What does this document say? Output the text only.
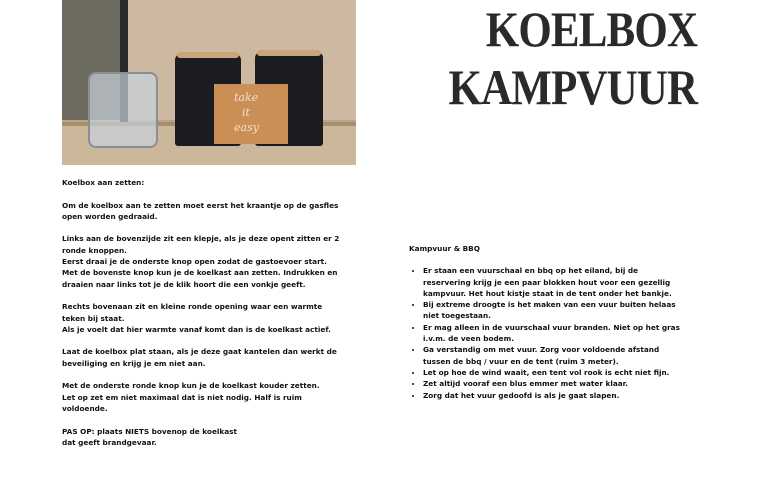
take
it
easy
KOELBOX
KAMPVUUR

Koelbox aan zetten:

Om de koelbox aan te zetten moet eerst het kraantje op de gasfles
open worden gedraaid.

Links aan de bovenzijde zit een klepje, als je deze opent zitten er 2
ronde knoppen.
Eerst draai je de onderste knop open zodat de gastoevoer start.
Met de bovenste knop kun je de koelkast aan zetten. Indrukken en
draaien naar links tot je de klik hoort die een vonkje geeft.

Rechts bovenaan zit en kleine ronde opening waar een warmte
teken bij staat.
Als je voelt dat hier warmte vanaf komt dan is de koelkast actief.

Laat de koelbox plat staan, als je deze gaat kantelen dan werkt de
beveiliging en krijg je em niet aan.

Met de onderste ronde knop kun je de koelkast kouder zetten.
Let op zet em niet maximaal dat is niet nodig. Half is ruim
voldoende.

PAS OP: plaats NIETS bovenop de koelkast
dat geeft brandgevaar.

Kampvuur & BBQ
• Er staan een vuurschaal en bbq op het eiland, bij de
reservering krijg je een paar blokken hout voor een gezellig
kampvuur. Het hout kistje staat in de tent onder het bankje.
• Bij extreme droogte is het maken van een vuur buiten helaas
niet toegestaan.
• Er mag alleen in de vuurschaal vuur branden. Niet op het gras
i.v.m. de veen bodem.
• Ga verstandig om met vuur. Zorg voor voldoende afstand
tussen de bbq / vuur en de tent (ruim 3 meter).
• Let op hoe de wind waait, een tent vol rook is echt niet fijn.
• Zet altijd vooraf een blus emmer met water klaar.
• Zorg dat het vuur gedoofd is als je gaat slapen.
